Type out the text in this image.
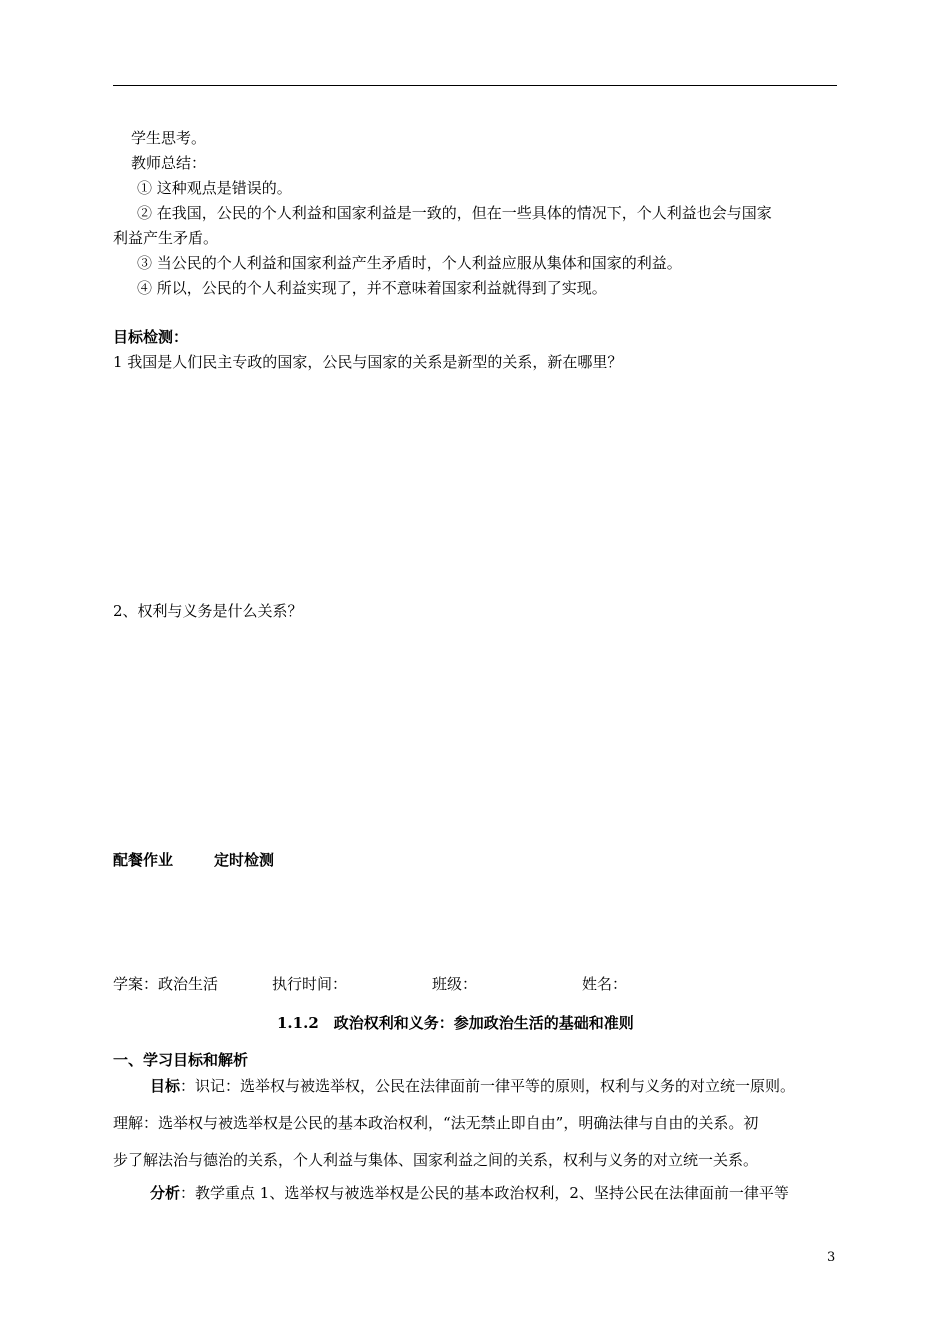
学生思考。
教师总结：
① 这种观点是错误的。
② 在我国，公民的个人利益和国家利益是一致的，但在一些具体的情况下，个人利益也会与国家
利益产生矛盾。
③ 当公民的个人利益和国家利益产生矛盾时，个人利益应服从集体和国家的利益。
④ 所以，公民的个人利益实现了，并不意味着国家利益就得到了实现。
目标检测：
1 我国是人们民主专政的国家，公民与国家的关系是新型的关系，新在哪里？
2、权利与义务是什么关系？
配餐作业	定时检测
学案：政治生活	执行时间：	班级：	姓名：
1.1.2　政治权利和义务：参加政治生活的基础和准则
一、学习目标和解析
目标：识记：选举权与被选举权，公民在法律面前一律平等的原则，权利与义务的对立统一原则。
理解：选举权与被选举权是公民的基本政治权利，“法无禁止即自由”，明确法律与自由的关系。初
步了解法治与德治的关系，个人利益与集体、国家利益之间的关系，权利与义务的对立统一关系。
分析：教学重点 1、选举权与被选举权是公民的基本政治权利，2、坚持公民在法律面前一律平等
3
